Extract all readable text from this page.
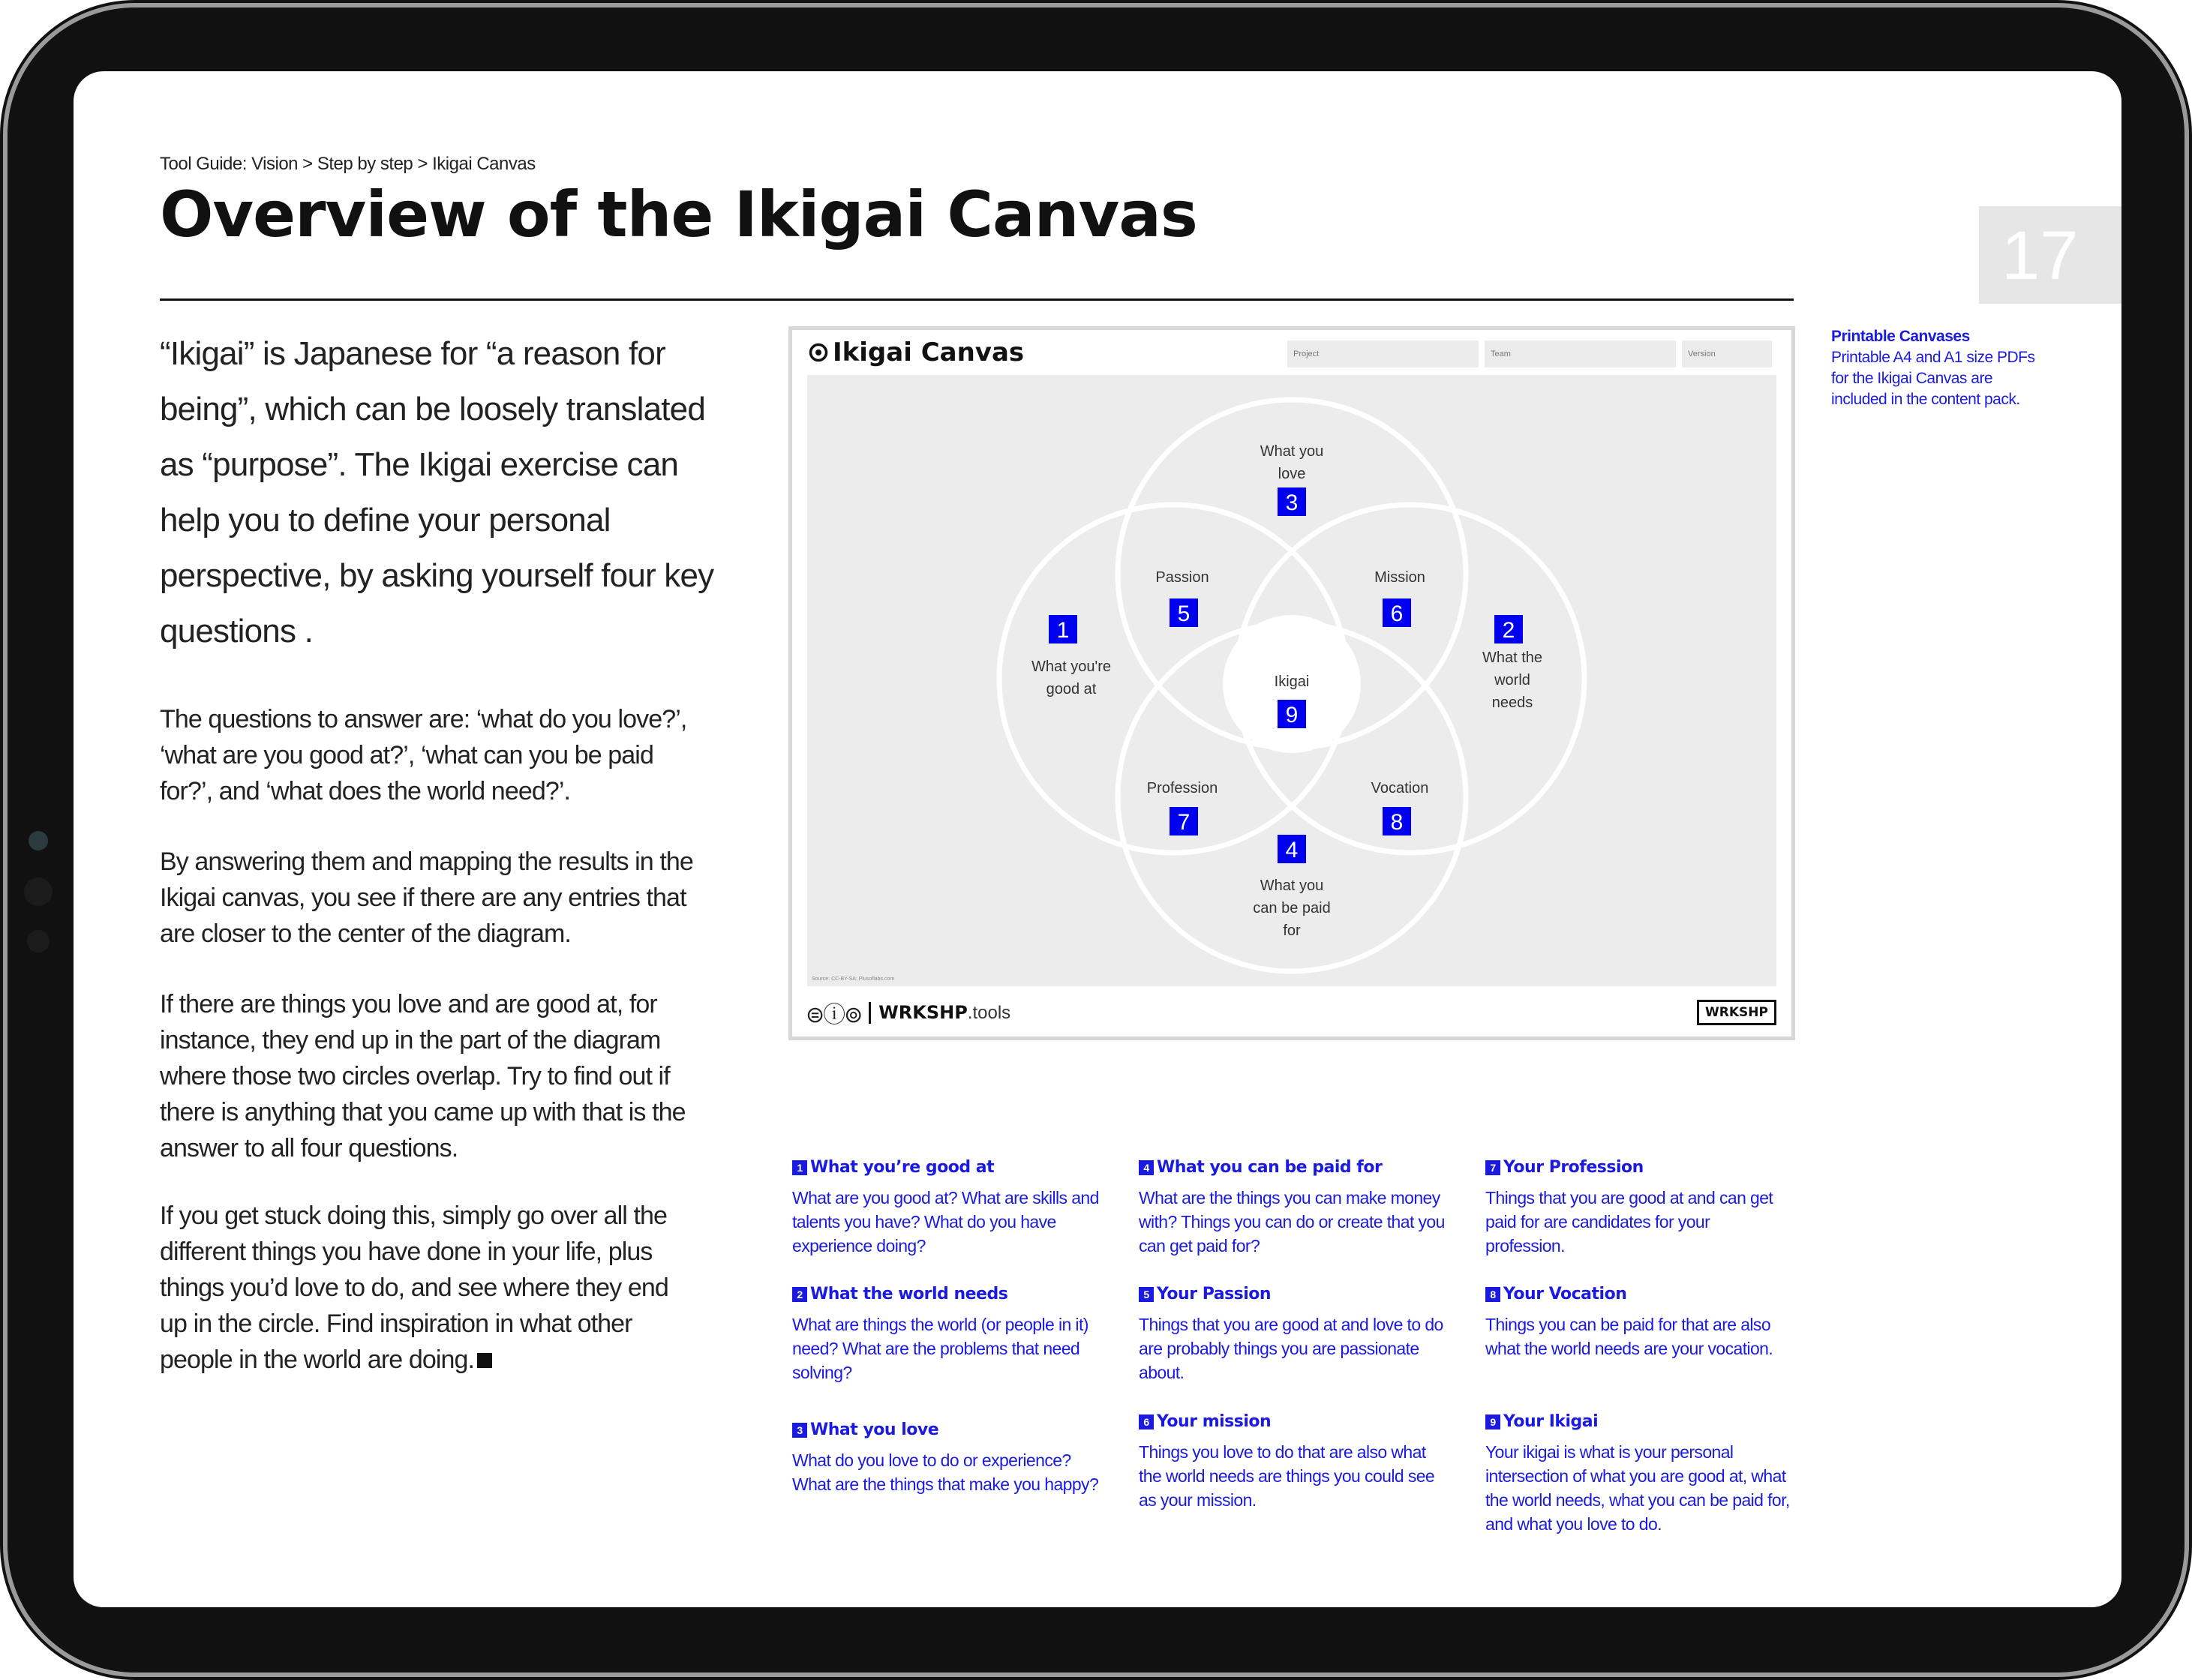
Tool Guide: Vision > Step by step > Ikigai Canvas
Overview of the Ikigai Canvas
17
Printable Canvases
Printable A4 and A1 size PDFs for the Ikigai Canvas are included in the content pack.
“Ikigai” is Japanese for “a reason for being”, which can be loosely translated as “purpose”. The Ikigai exercise can help you to define your personal perspective, by asking yourself four key questions .
The questions to answer are: ‘what do you love?’, ‘what are you good at?’, ‘what can you be paid for?’, and ‘what does the world need?’.
By answering them and mapping the results in the Ikigai canvas, you see if there are any entries that are closer to the center of the diagram.
If there are things you love and are good at, for instance, they end up in the part of the diagram where those two circles overlap. Try to find out if there is anything that you came up with that is the answer to all four questions.
If you get stuck doing this, simply go over all the different things you have done in your life, plus things you’d love to do, and see where they end up in the circle. Find inspiration in what other people in the world are doing.
Ikigai Canvas	Project	Team	Version
What you love
Passion	Mission
What you're good at
What the world needs
Ikigai
Profession	Vocation
What you can be paid for
3
5	6
1	2
9
7	8
4
Source: CC-BY-SA: Plusoflabs.com
⊜ⓘ⊚ WRKSHP.tools	WRKSHP
1 What you’re good at
What are you good at? What are skills and talents you have? What do you have experience doing?
2 What the world needs
What are things the world (or people in it) need? What are the problems that need solving?
3 What you love
What do you love to do or experience? What are the things that make you happy?
4 What you can be paid for
What are the things you can make money with? Things you can do or create that you can get paid for?
5 Your Passion
Things that you are good at and love to do are probably things you are passionate about.
6 Your mission
Things you love to do that are also what the world needs are things you could see as your mission.
7 Your Profession
Things that you are good at and can get paid for are candidates for your profession.
8 Your Vocation
Things you can be paid for that are also what the world needs are your vocation.
9 Your Ikigai
Your ikigai is what is your personal intersection of what you are good at, what the world needs, what you can be paid for, and what you love to do.
